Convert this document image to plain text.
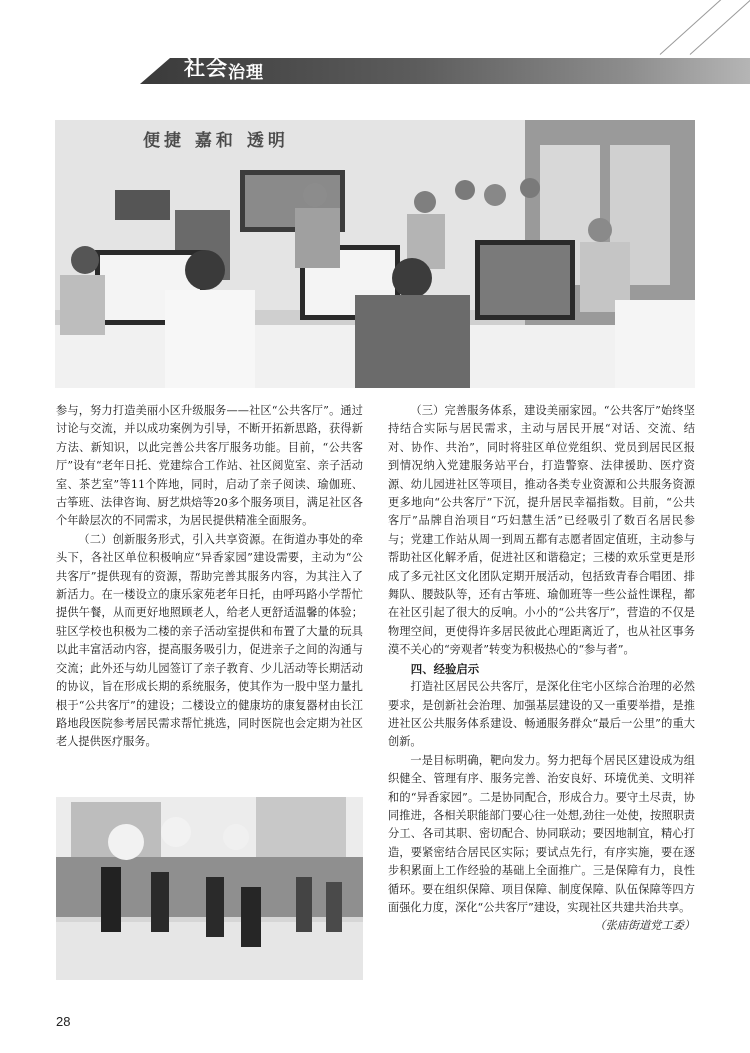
社会治理
便捷 嘉和 透明

参与，努力打造美丽小区升级服务——社区“公共客厅”。通过讨论与交流，并以成功案例为引导，不断开拓新思路，获得新方法、新知识，以此完善公共客厅服务功能。目前，“公共客厅”设有“老年日托、党建综合工作站、社区阅览室、亲子活动室、茶艺室”等11个阵地，同时，启动了亲子阅读、瑜伽班、古筝班、法律咨询、厨艺烘焙等20多个服务项目，满足社区各个年龄层次的不同需求，为居民提供精准全面服务。

（二）创新服务形式，引入共享资源。在街道办事处的牵头下，各社区单位积极响应“异香家园”建设需要，主动为“公共客厅”提供现有的资源，帮助完善其服务内容，为其注入了新活力。在一楼设立的康乐家苑老年日托，由呼玛路小学帮忙提供午餐，从而更好地照顾老人，给老人更舒适温馨的体验；驻区学校也积极为二楼的亲子活动室提供和布置了大量的玩具以此丰富活动内容，提高服务吸引力，促进亲子之间的沟通与交流；此外还与幼儿园签订了亲子教育、少儿活动等长期活动的协议，旨在形成长期的系统服务，使其作为一股中坚力量扎根于“公共客厅”的建设；二楼设立的健康坊的康复器材由长江路地段医院参考居民需求帮忙挑选，同时医院也会定期为社区老人提供医疗服务。

（三）完善服务体系，建设美丽家园。“公共客厅”始终坚持结合实际与居民需求，主动与居民开展“对话、交流、结对、协作、共治”，同时将驻区单位党组织、党员到居民区报到情况纳入党建服务站平台，打造警察、法律援助、医疗资源、幼儿园进社区等项目，推动各类专业资源和公共服务资源更多地向“公共客厅”下沉，提升居民幸福指数。目前，“公共客厅”品牌自治项目“巧妇慧生活”已经吸引了数百名居民参与；党建工作站从周一到周五都有志愿者固定值班，主动参与帮助社区化解矛盾，促进社区和谐稳定；三楼的欢乐堂更是形成了多元社区文化团队定期开展活动，包括致青春合唱团、排舞队、腰鼓队等，还有古筝班、瑜伽班等一些公益性课程，都在社区引起了很大的反响。小小的“公共客厅”，营造的不仅是物理空间，更使得许多居民彼此心理距离近了，也从社区事务漠不关心的“旁观者”转变为积极热心的“参与者”。

四、经验启示

打造社区居民公共客厅，是深化住宅小区综合治理的必然要求，是创新社会治理、加强基层建设的又一重要举措，是推进社区公共服务体系建设、畅通服务群众“最后一公里”的重大创新。

一是目标明确，靶向发力。努力把每个居民区建设成为组织健全、管理有序、服务完善、治安良好、环境优美、文明祥和的“异香家园”。二是协同配合，形成合力。要守土尽责，协同推进，各相关职能部门要心往一处想,劲往一处使，按照职责分工、各司其职、密切配合、协同联动；要因地制宜，精心打造，要紧密结合居民区实际；要试点先行，有序实施，要在逐步积累面上工作经验的基础上全面推广。三是保障有力，良性循环。要在组织保障、项目保障、制度保障、队伍保障等四方面强化力度，深化“公共客厅”建设，实现社区共建共治共享。

（张庙街道党工委）

28
